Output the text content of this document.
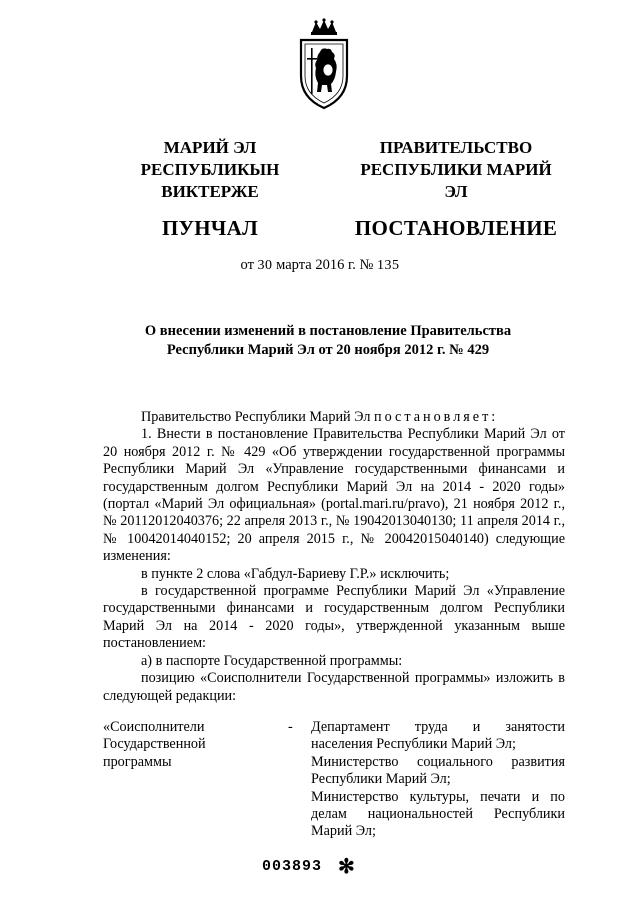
МАРИЙ ЭЛ РЕСПУБЛИКЫН
ВИКТЕРЖЕ
ПУНЧАЛ
ПРАВИТЕЛЬСТВО
РЕСПУБЛИКИ МАРИЙ ЭЛ
ПОСТАНОВЛЕНИЕ
от 30 марта 2016 г. № 135
О внесении изменений в постановление Правительства
Республики Марий Эл от 20 ноября 2012 г. № 429

Правительство Республики Марий Эл постановляет:

1. Внести в постановление Правительства Республики Марий Эл от 20 ноября 2012 г. № 429 «Об утверждении государственной программы Республики Марий Эл «Управление государственными финансами и государственным долгом Республики Марий Эл на 2014 - 2020 годы» (портал «Марий Эл официальная» (portal.mari.ru/pravo), 21 ноября 2012 г., № 20112012040376; 22 апреля 2013 г., № 19042013040130; 11 апреля 2014 г., № 10042014040152; 20 апреля 2015 г., № 20042015040140) следующие изменения:

в пункте 2 слова «Габдул-Бариеву Г.Р.» исключить;

в государственной программе Республики Марий Эл «Управление государственными финансами и государственным долгом Республики Марий Эл на 2014 - 2020 годы», утвержденной указанным выше постановлением:

а) в паспорте Государственной программы:

позицию «Соисполнители Государственной программы» изложить в следующей редакции:

«Соисполнители
Государственной
программы
- Департамент труда и занятости населения Республики Марий Эл;

Министерство социального развития Республики Марий Эл;

Министерство культуры, печати и по делам национальностей Республики Марий Эл;

003893 ✻
